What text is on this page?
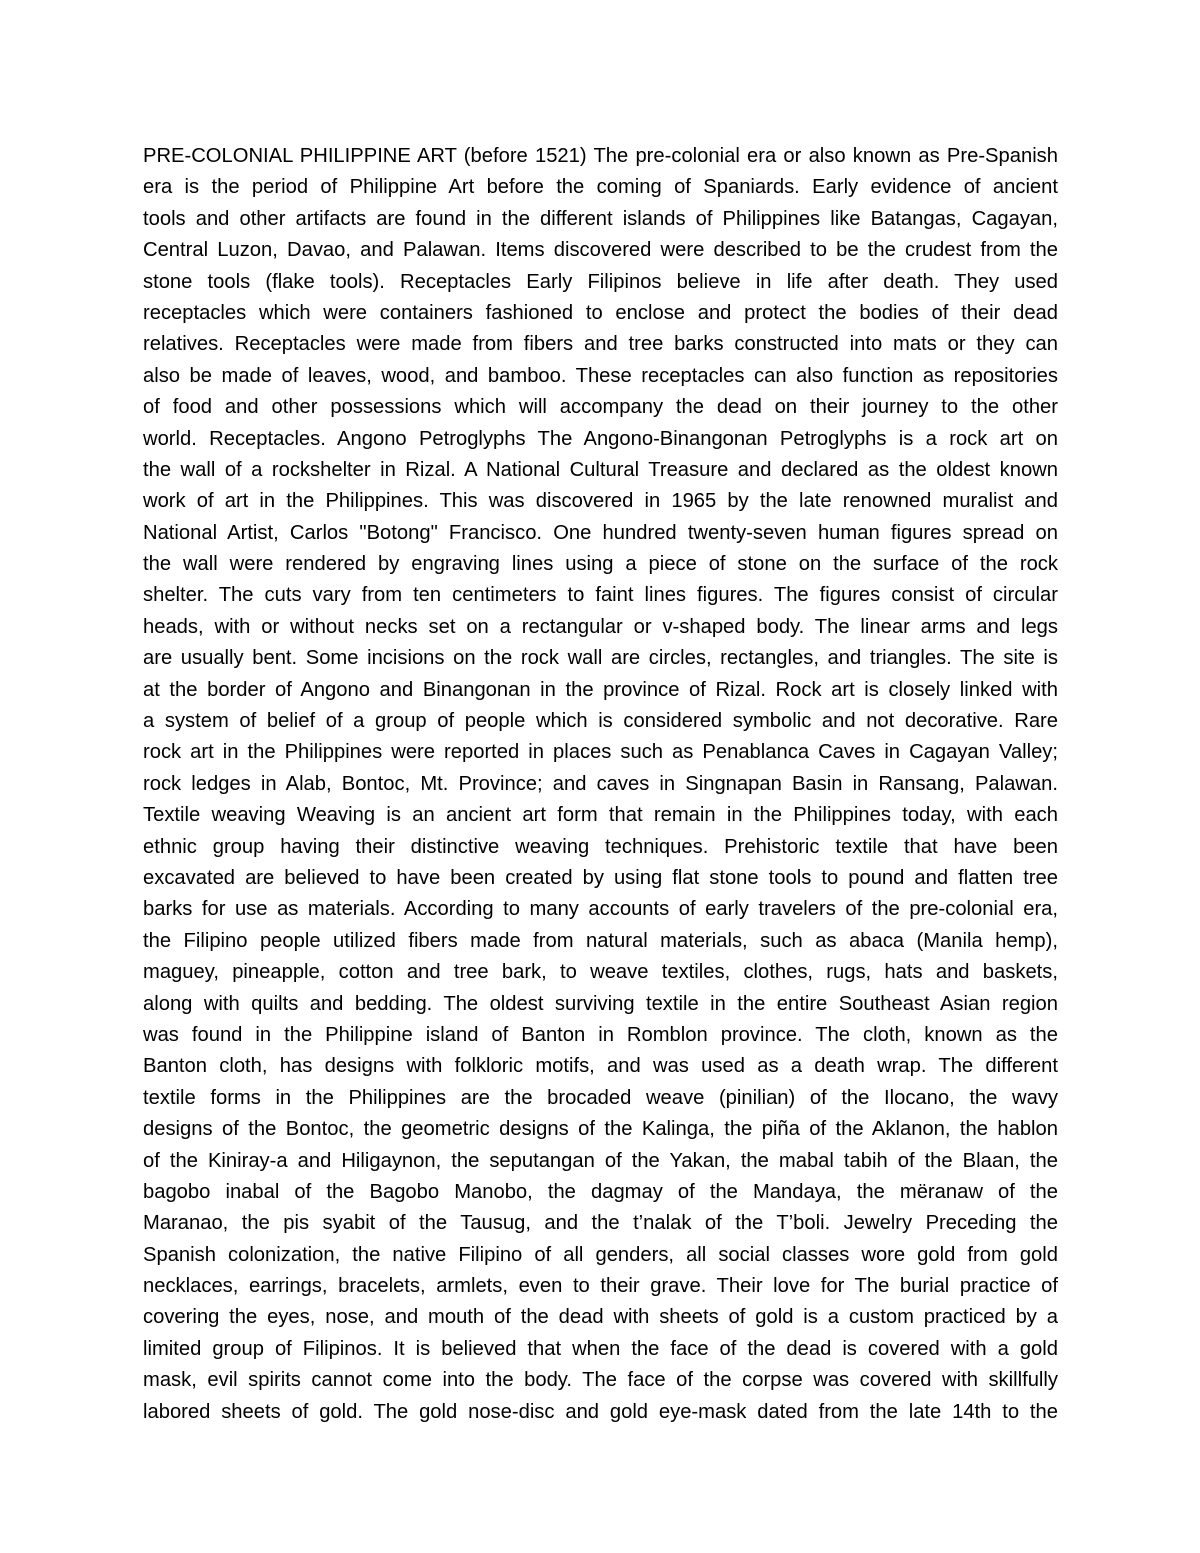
PRE-COLONIAL PHILIPPINE ART (before 1521) The pre-colonial era or also known as Pre-Spanish
era is the period of Philippine Art before the coming of Spaniards. Early evidence of ancient
tools and other artifacts are found in the different islands of Philippines like Batangas, Cagayan,
Central Luzon, Davao, and Palawan. Items discovered were described to be the crudest from the
stone tools (flake tools). Receptacles Early Filipinos believe in life after death. They used
receptacles which were containers fashioned to enclose and protect the bodies of their dead
relatives. Receptacles were made from fibers and tree barks constructed into mats or they can
also be made of leaves, wood, and bamboo. These receptacles can also function as repositories
of food and other possessions which will accompany the dead on their journey to the other
world. Receptacles. Angono Petroglyphs The Angono-Binangonan Petroglyphs is a rock art on
the wall of a rockshelter in Rizal. A National Cultural Treasure and declared as the oldest known
work of art in the Philippines. This was discovered in 1965 by the late renowned muralist and
National Artist, Carlos "Botong" Francisco. One hundred twenty-seven human figures spread on
the wall were rendered by engraving lines using a piece of stone on the surface of the rock
shelter. The cuts vary from ten centimeters to faint lines figures. The figures consist of circular
heads, with or without necks set on a rectangular or v-shaped body. The linear arms and legs
are usually bent. Some incisions on the rock wall are circles, rectangles, and triangles. The site is
at the border of Angono and Binangonan in the province of Rizal. Rock art is closely linked with
a system of belief of a group of people which is considered symbolic and not decorative. Rare
rock art in the Philippines were reported in places such as Penablanca Caves in Cagayan Valley;
rock ledges in Alab, Bontoc, Mt. Province; and caves in Singnapan Basin in Ransang, Palawan.
Textile weaving Weaving is an ancient art form that remain in the Philippines today, with each
ethnic group having their distinctive weaving techniques. Prehistoric textile that have been
excavated are believed to have been created by using flat stone tools to pound and flatten tree
barks for use as materials. According to many accounts of early travelers of the pre-colonial era,
the Filipino people utilized fibers made from natural materials, such as abaca (Manila hemp),
maguey, pineapple, cotton and tree bark, to weave textiles, clothes, rugs, hats and baskets,
along with quilts and bedding. The oldest surviving textile in the entire Southeast Asian region
was found in the Philippine island of Banton in Romblon province. The cloth, known as the
Banton cloth, has designs with folkloric motifs, and was used as a death wrap. The different
textile forms in the Philippines are the brocaded weave (pinilian) of the Ilocano, the wavy
designs of the Bontoc, the geometric designs of the Kalinga, the piña of the Aklanon, the hablon
of the Kiniray-a and Hiligaynon, the seputangan of the Yakan, the mabal tabih of the Blaan, the
bagobo inabal of the Bagobo Manobo, the dagmay of the Mandaya, the mëranaw of the
Maranao, the pis syabit of the Tausug, and the t’nalak of the T’boli. Jewelry Preceding the
Spanish colonization, the native Filipino of all genders, all social classes wore gold from gold
necklaces, earrings, bracelets, armlets, even to their grave. Their love for The burial practice of
covering the eyes, nose, and mouth of the dead with sheets of gold is a custom practiced by a
limited group of Filipinos. It is believed that when the face of the dead is covered with a gold
mask, evil spirits cannot come into the body. The face of the corpse was covered with skillfully
labored sheets of gold. The gold nose-disc and gold eye-mask dated from the late 14th to the
